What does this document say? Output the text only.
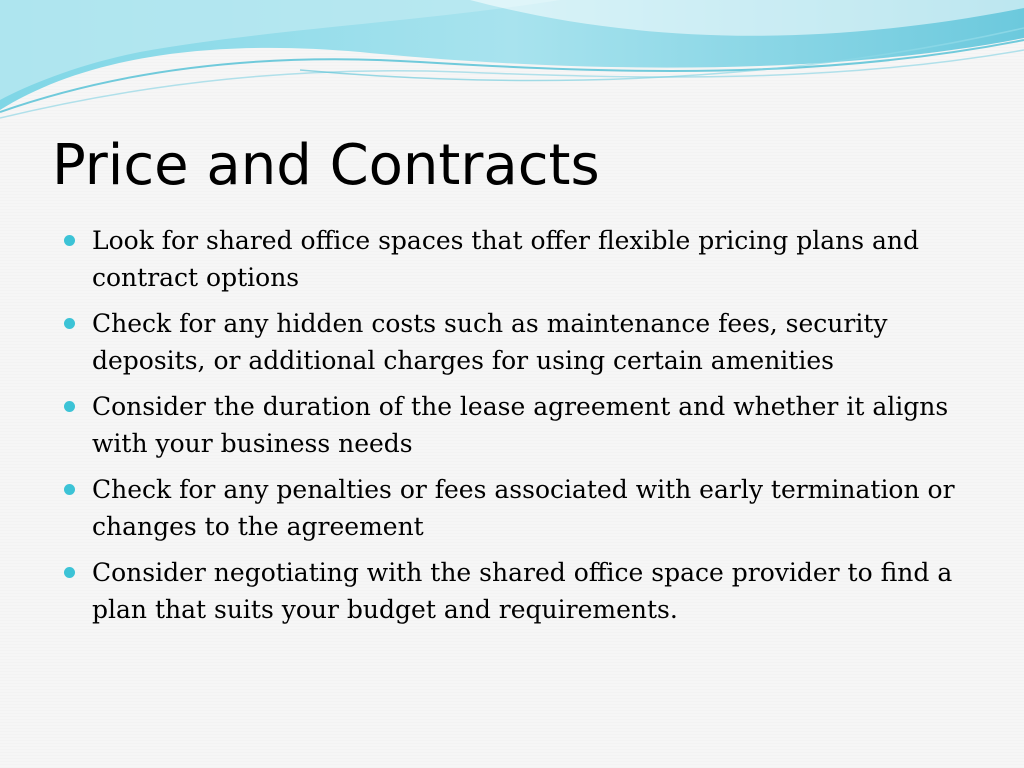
Price and Contracts
Look for shared office spaces that offer flexible pricing plans and contract options
Check for any hidden costs such as maintenance fees, security deposits, or additional charges for using certain amenities
Consider the duration of the lease agreement and whether it aligns with your business needs
Check for any penalties or fees associated with early termination or changes to the agreement
Consider negotiating with the shared office space provider to find a plan that suits your budget and requirements.
